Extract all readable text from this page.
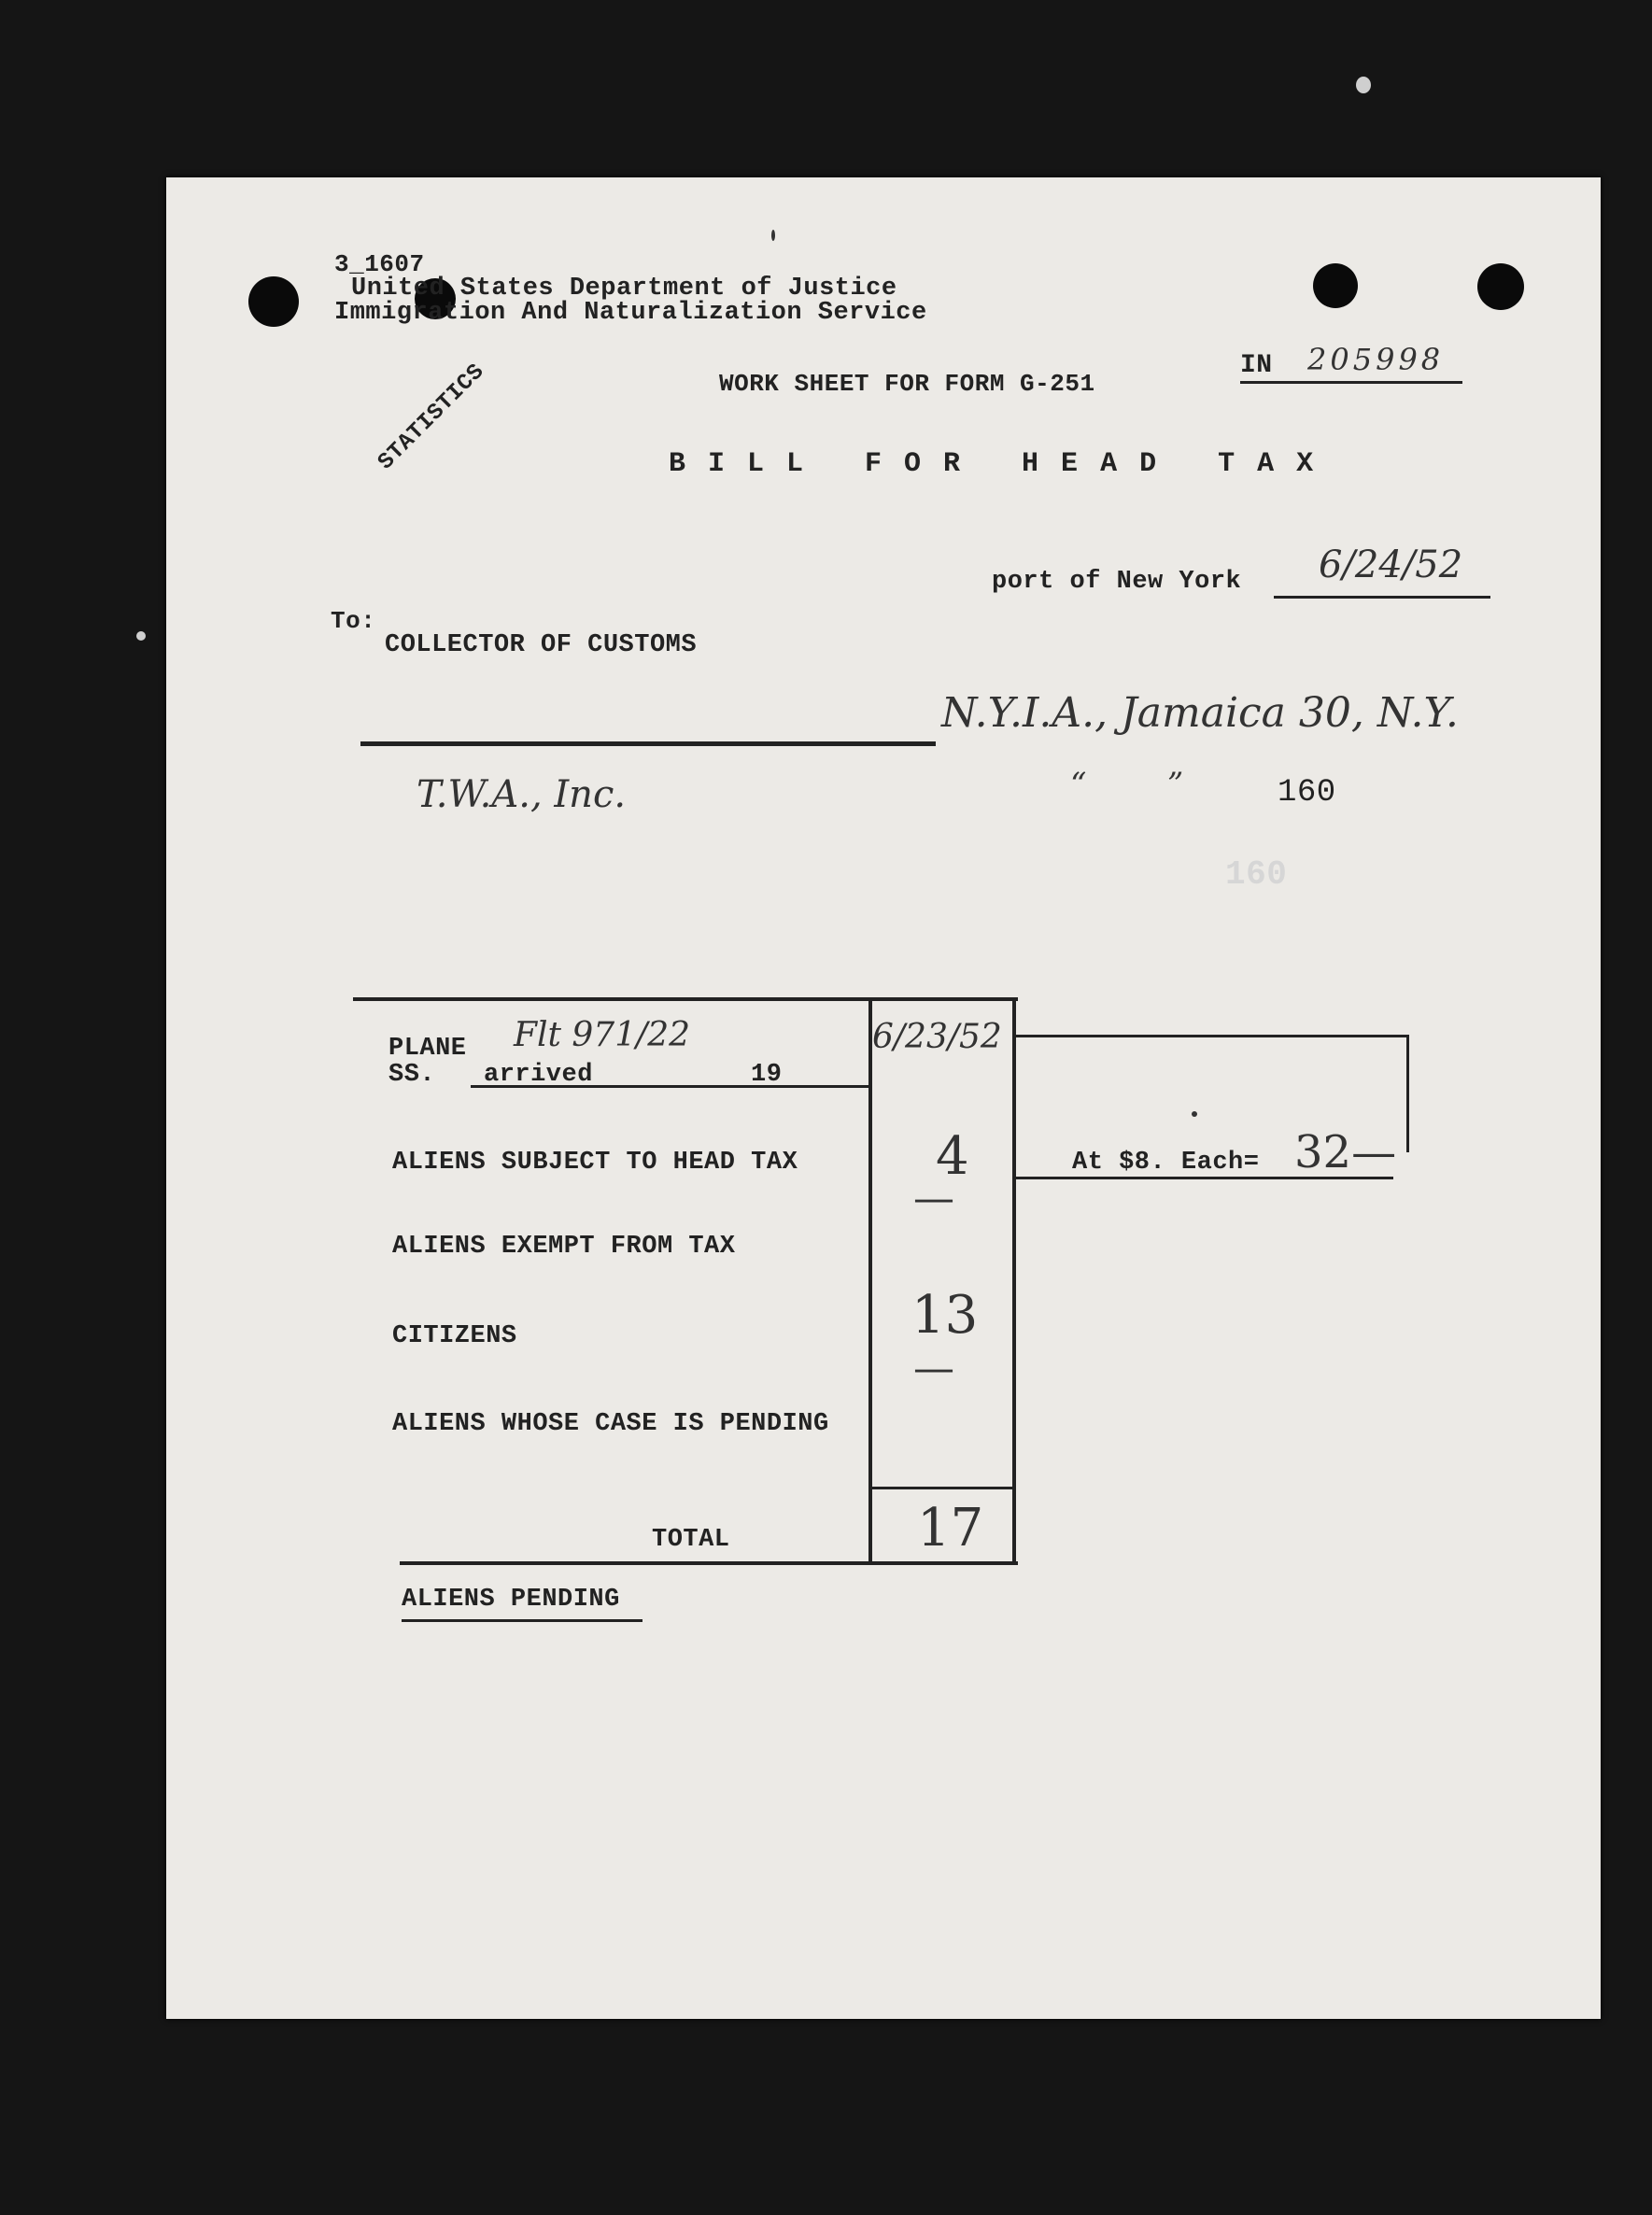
3_1607
United States Department of Justice
Immigration And Naturalization Service
WORK SHEET FOR FORM G-251
IN 205998
STATISTICS	B I L L   F O R   H E A D   T A X
port of New York 6/24/52
To:
COLLECTOR OF CUSTOMS
N.Y.I.A., Jamaica 30, N.Y.
T.W.A., Inc.	“        ”	160
160
PLANE Flt 971/22
SS. arrived	19
6/23/52
ALIENS SUBJECT TO HEAD TAX	4
—
ALIENS EXEMPT FROM TAX
CITIZENS	13
—
ALIENS WHOSE CASE IS PENDING
At $8. Each= 32—
TOTAL	17
ALIENS PENDING
